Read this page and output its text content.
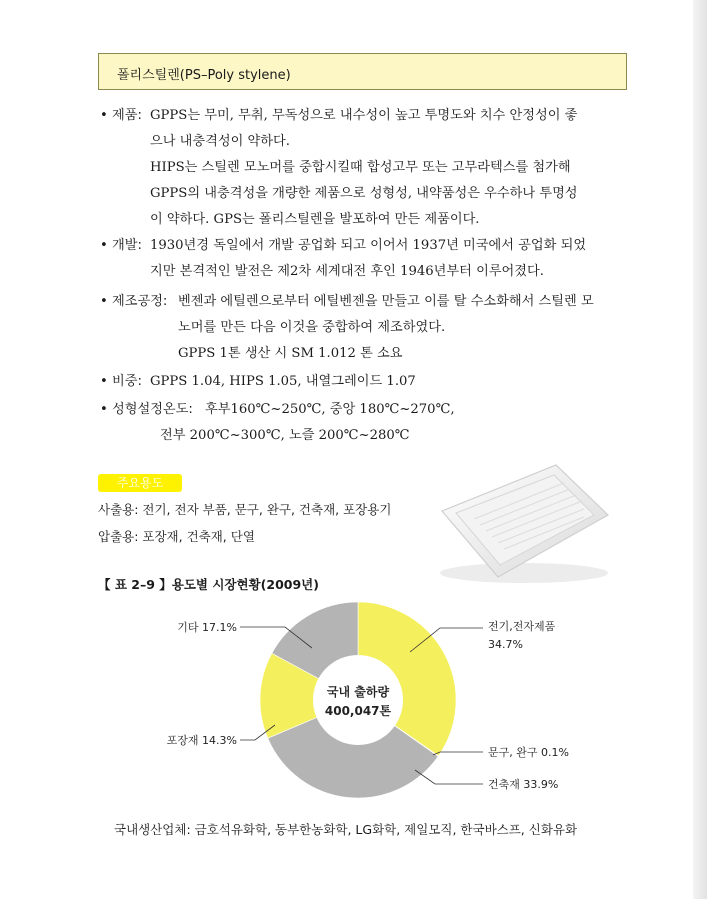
폴리스틸렌(PS–Poly stylene)
• 제품: GPPS는 무미, 무취, 무독성으로 내수성이 높고 투명도와 치수 안정성이 좋
으나 내충격성이 약하다.
HIPS는 스틸렌 모노머를 중합시킬때 합성고무 또는 고무라텍스를 첨가해
GPPS의 내충격성을 개량한 제품으로 성형성, 내약품성은 우수하나 투명성
이 약하다. GPS는 폴리스틸렌을 발포하여 만든 제품이다.
• 개발: 1930년경 독일에서 개발 공업화 되고 이어서 1937년 미국에서 공업화 되었
지만 본격적인 발전은 제2차 세계대전 후인 1946년부터 이루어졌다.
• 제조공정: 벤젠과 에틸렌으로부터 에틸벤젠을 만들고 이를 탈 수소화해서 스틸렌 모
노머를 만든 다음 이것을 중합하여 제조하였다.
GPPS 1톤 생산 시 SM 1.012 톤 소요
• 비중: GPPS 1.04, HIPS 1.05, 내열그레이드 1.07
• 성형설정온도: 후부160℃~250℃, 중앙 180℃~270℃,
전부 200℃~300℃, 노즐 200℃~280℃
주요용도
사출용: 전기, 전자 부품, 문구, 완구, 건축재, 포장용기
압출용: 포장재, 건축재, 단열
【 표 2–9 】용도별 시장현황(2009년)
국내 출하량
400,047톤
기타 17.1%	전기,전자제품
34.7%
포장재 14.3%
문구, 완구 0.1%
건축재 33.9%
국내생산업체: 금호석유화학, 동부한농화학, LG화학, 제일모직, 한국바스프, 신화유화
